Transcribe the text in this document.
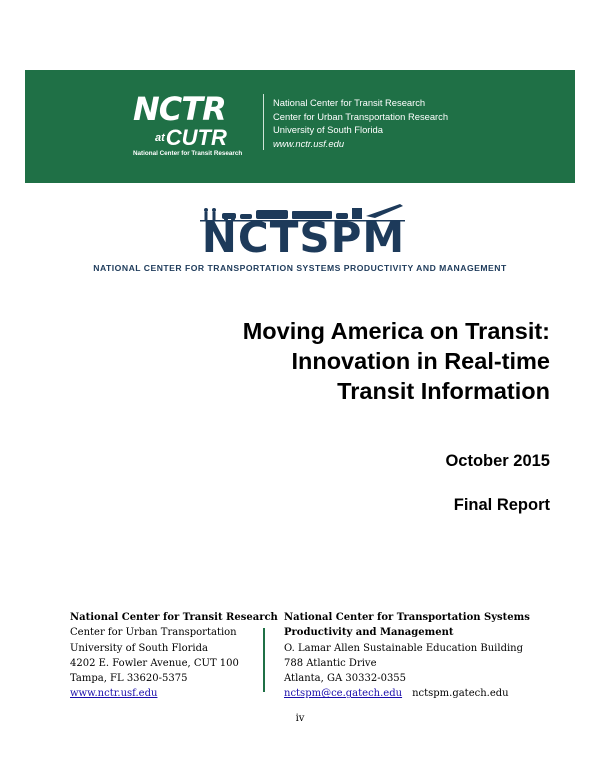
NCTR
$^{at}$CUTR
National Center for Transit Research
National Center for Transit Research
Center for Urban Transportation Research
University of South Florida
www.nctr.usf.edu
NCTSPM
NATIONAL CENTER FOR TRANSPORTATION SYSTEMS PRODUCTIVITY AND MANAGEMENT
Moving America on Transit:
Innovation in Real-time
Transit Information
October 2015
Final Report
National Center for Transit Research
Center for Urban Transportation
University of South Florida
4202 E. Fowler Avenue, CUT 100
Tampa, FL 33620-5375
www.nctr.usf.edu
National Center for Transportation Systems
Productivity and Management
O. Lamar Allen Sustainable Education Building
788 Atlantic Drive
Atlanta, GA 30332-0355
nctspm@ce.gatech.edu nctspm.gatech.edu
iv
